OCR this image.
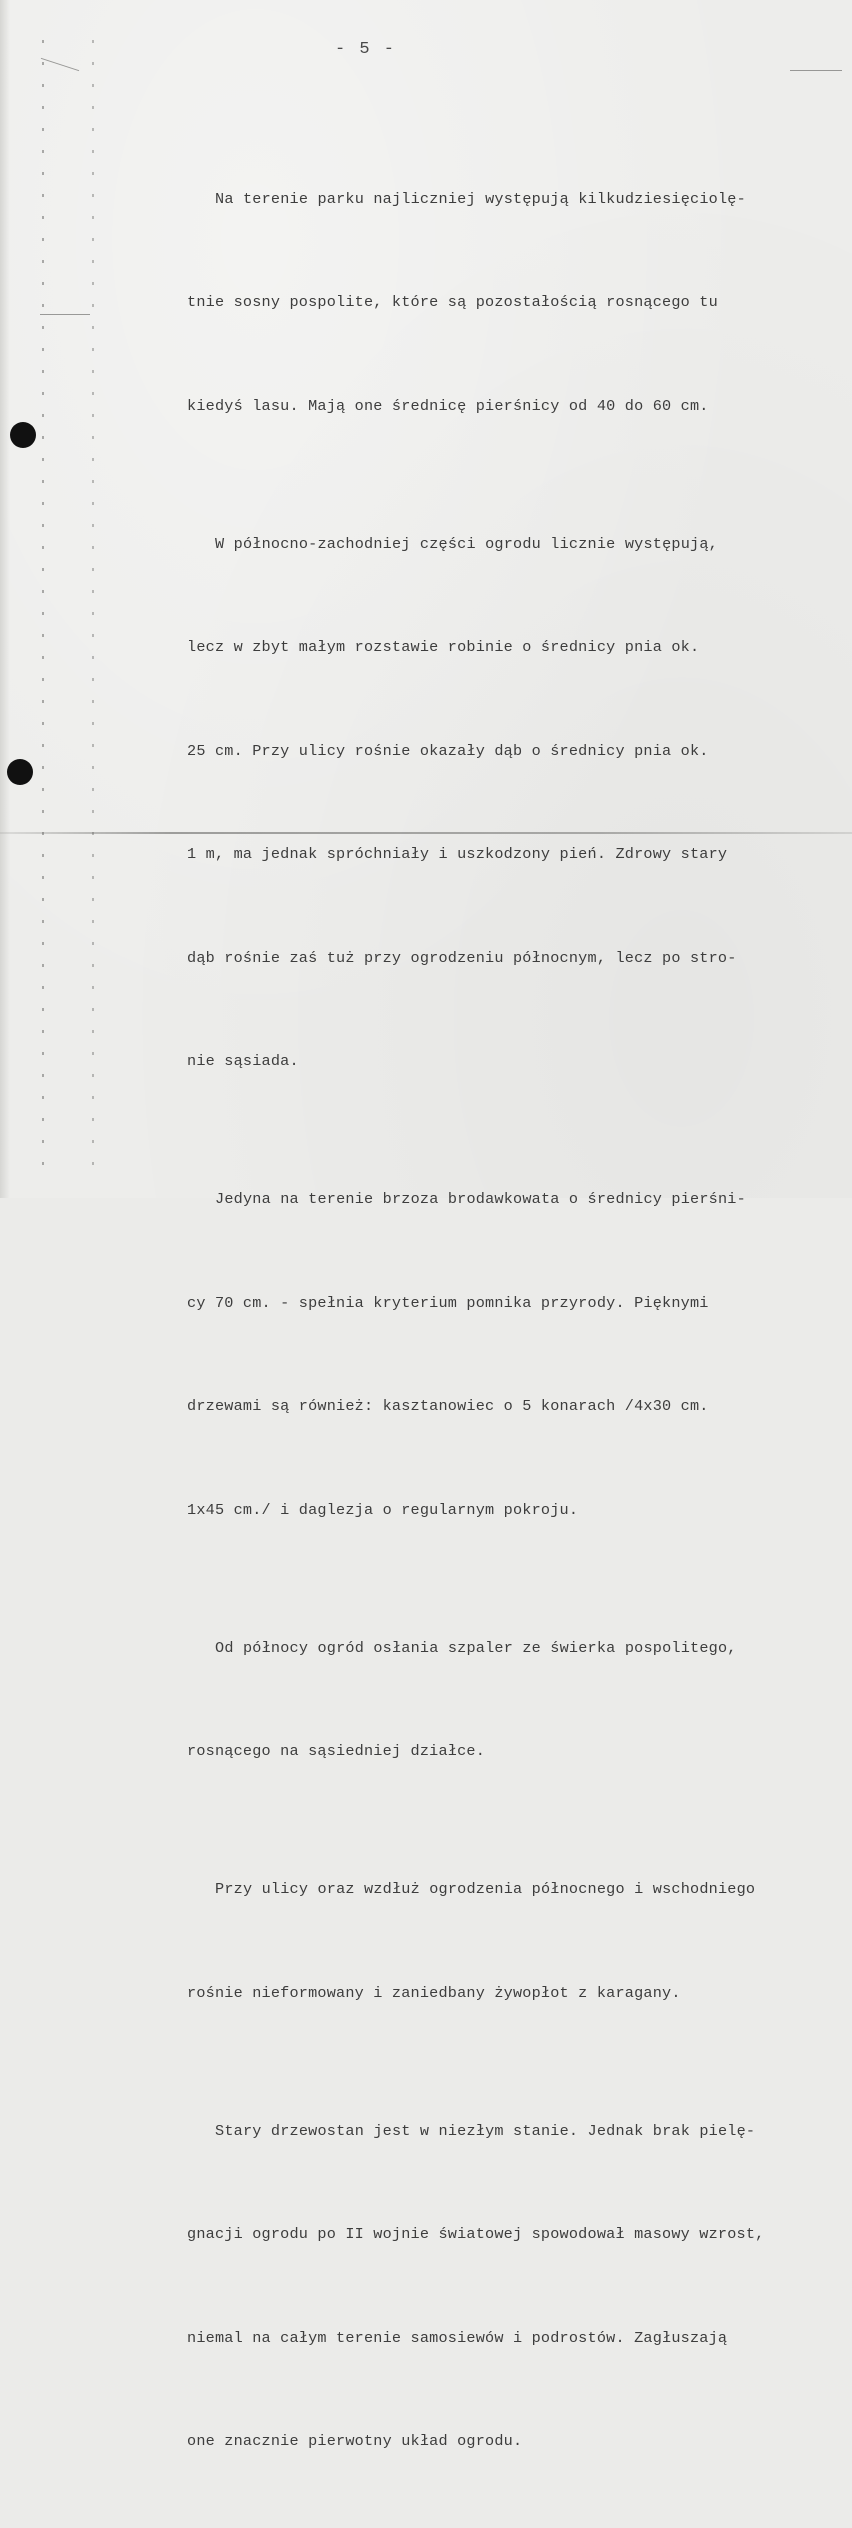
- 5 -

Na terenie parku najliczniej występują kilkudziesięciolę-

tnie sosny pospolite, które są pozostałością rosnącego tu

kiedyś lasu. Mają one średnicę pierśnicy od 40 do 60 cm.

W północno-zachodniej części ogrodu licznie występują,

lecz w zbyt małym rozstawie robinie o średnicy pnia ok.

25 cm. Przy ulicy rośnie okazały dąb o średnicy pnia ok.

1 m, ma jednak spróchniały i uszkodzony pień. Zdrowy stary

dąb rośnie zaś tuż przy ogrodzeniu północnym, lecz po stro-

nie sąsiada.

Jedyna na terenie brzoza brodawkowata o średnicy pierśni-

cy 70 cm. - spełnia kryterium pomnika przyrody. Pięknymi

drzewami są również: kasztanowiec o 5 konarach /4x30 cm.

1x45 cm./ i daglezja o regularnym pokroju.

Od północy ogród osłania szpaler ze świerka pospolitego,

rosnącego na sąsiedniej działce.

Przy ulicy oraz wzdłuż ogrodzenia północnego i wschodniego

rośnie nieformowany i zaniedbany żywopłot z karagany.

Stary drzewostan jest w niezłym stanie. Jednak brak pielę-

gnacji ogrodu po II wojnie światowej spowodował masowy wzrost,

niemal na całym terenie samosiewów i podrostów. Zagłuszają

one znacznie pierwotny układ ogrodu.
